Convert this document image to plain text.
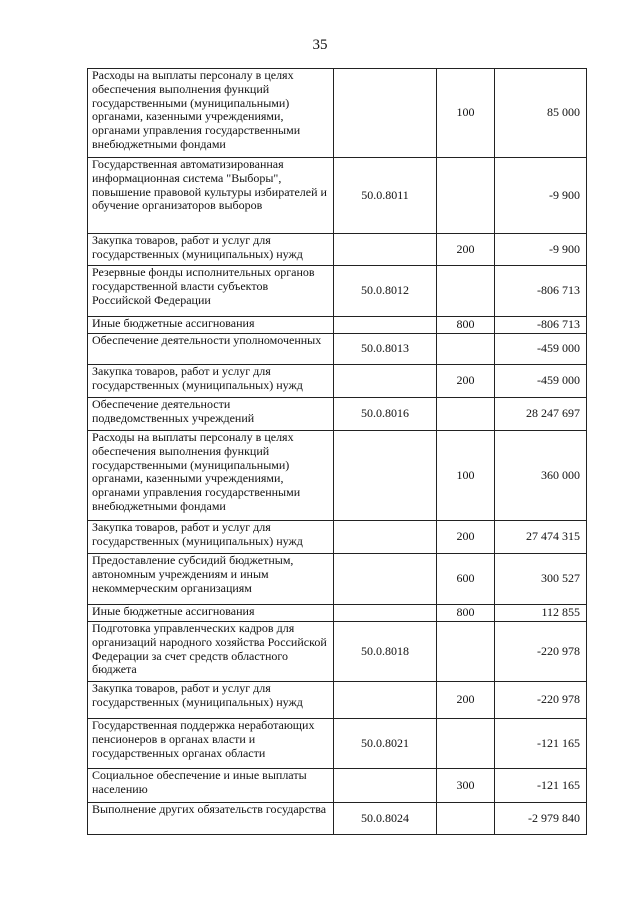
35
Расходы на выплаты персоналу в целях обеспечения выполнения функций государственными (муниципальными) органами, казенными учреждениями, органами управления государственными внебюджетными фондами		100	85 000
Государственная автоматизированная информационная система "Выборы", повышение правовой культуры избирателей и обучение организаторов выборов	50.0.8011		-9 900
Закупка товаров, работ и услуг для государственных (муниципальных) нужд		200	-9 900
Резервные фонды исполнительных органов государственной власти субъектов Российской Федерации	50.0.8012		-806 713
Иные бюджетные ассигнования		800	-806 713
Обеспечение деятельности уполномоченных	50.0.8013		-459 000
Закупка товаров, работ и услуг для государственных (муниципальных) нужд		200	-459 000
Обеспечение деятельности подведомственных учреждений	50.0.8016		28 247 697
Расходы на выплаты персоналу в целях обеспечения выполнения функций государственными (муниципальными) органами, казенными учреждениями, органами управления государственными внебюджетными фондами		100	360 000
Закупка товаров, работ и услуг для государственных (муниципальных) нужд		200	27 474 315
Предоставление субсидий бюджетным, автономным учреждениям и иным некоммерческим организациям		600	300 527
Иные бюджетные ассигнования		800	112 855
Подготовка управленческих кадров для организаций народного хозяйства Российской Федерации за счет средств областного бюджета	50.0.8018		-220 978
Закупка товаров, работ и услуг для государственных (муниципальных) нужд		200	-220 978
Государственная поддержка неработающих пенсионеров в органах власти и государственных органах области	50.0.8021		-121 165
Социальное обеспечение и иные выплаты населению		300	-121 165
Выполнение других обязательств государства	50.0.8024		-2 979 840
